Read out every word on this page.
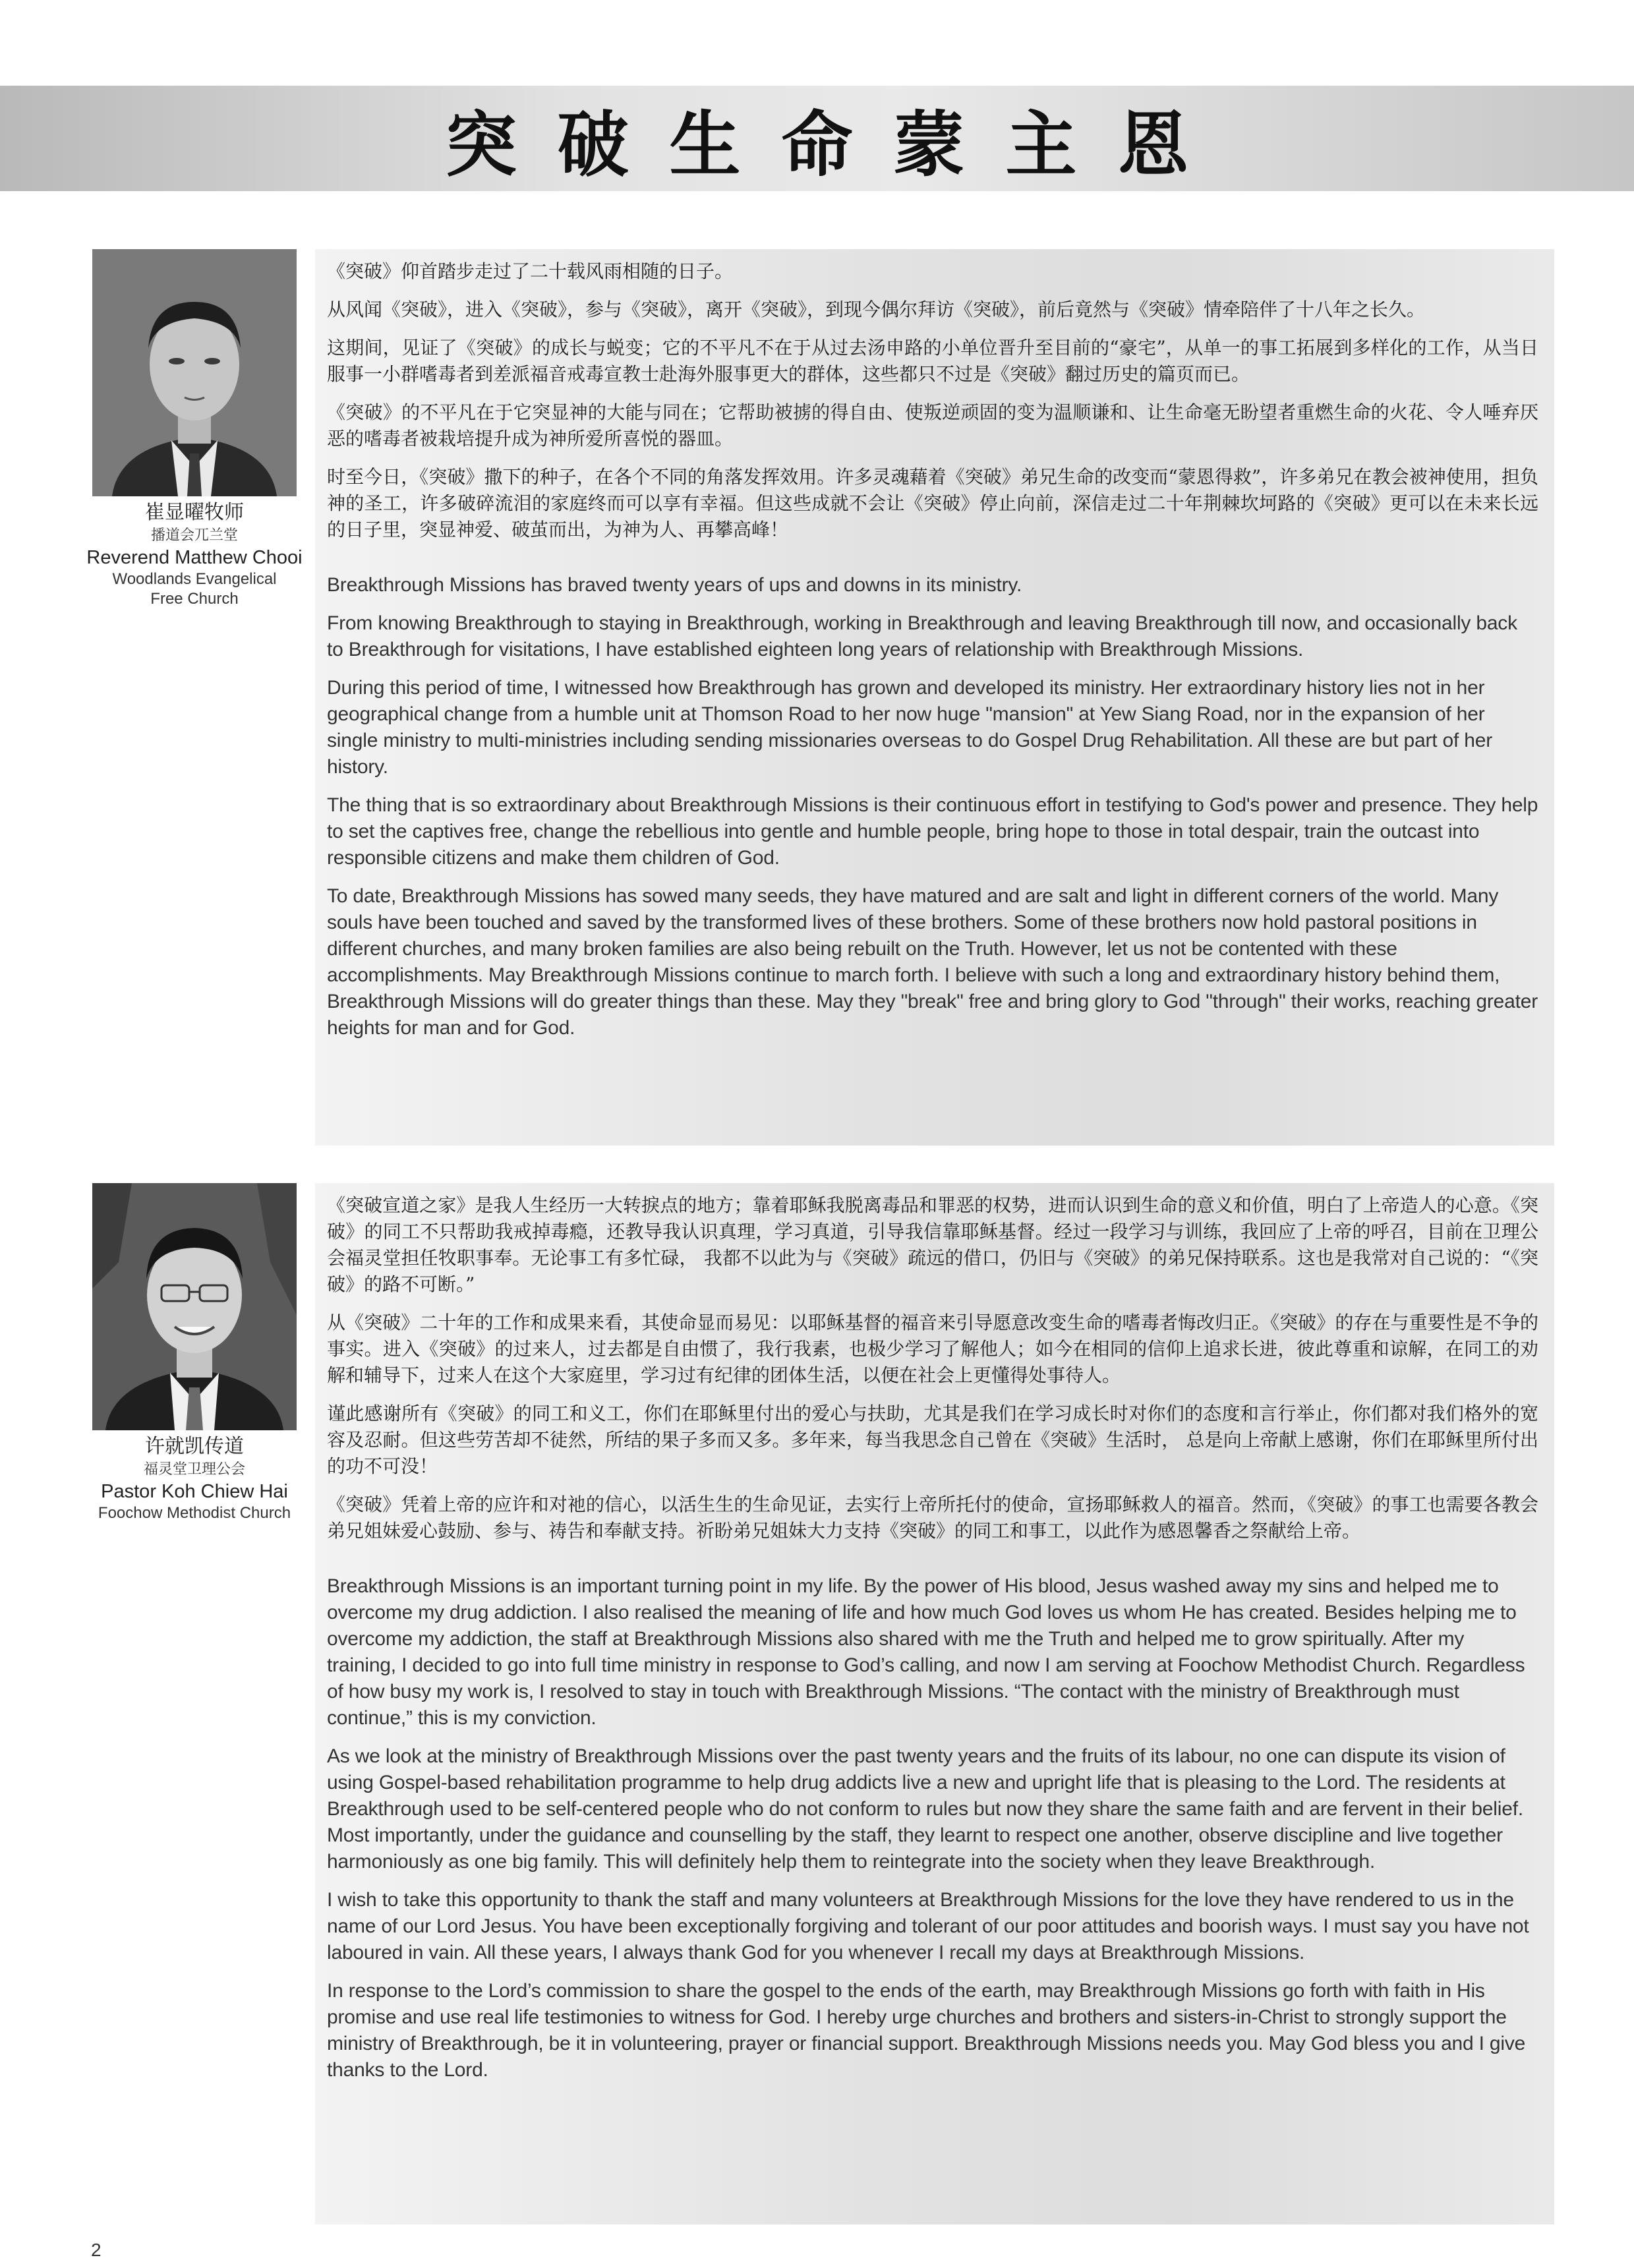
突破生命蒙主恩
崔显曜牧师
播道会兀兰堂
Reverend Matthew Chooi
Woodlands Evangelical
Free Church

《突破》仰首踏步走过了二十载风雨相随的日子。

从风闻《突破》，进入《突破》，参与《突破》，离开《突破》，到现今偶尔拜访《突破》，前后竟然与《突破》情牵陪伴了十八年之长久。

这期间，见证了《突破》的成长与蜕变；它的不平凡不在于从过去汤申路的小单位晋升至目前的“豪宅”，从单一的事工拓展到多样化的工作，从当日服事一小群嗜毒者到差派福音戒毒宣教士赴海外服事更大的群体，这些都只不过是《突破》翻过历史的篇页而已。

《突破》的不平凡在于它突显神的大能与同在；它帮助被掳的得自由、使叛逆顽固的变为温顺谦和、让生命毫无盼望者重燃生命的火花、令人唾弃厌恶的嗜毒者被栽培提升成为神所爱所喜悦的器皿。

时至今日，《突破》撒下的种子，在各个不同的角落发挥效用。许多灵魂藉着《突破》弟兄生命的改变而“蒙恩得救”，许多弟兄在教会被神使用，担负神的圣工，许多破碎流泪的家庭终而可以享有幸福。但这些成就不会让《突破》停止向前，深信走过二十年荆棘坎坷路的《突破》更可以在未来长远的日子里，突显神爱、破茧而出，为神为人、再攀高峰！

Breakthrough Missions has braved twenty years of ups and downs in its ministry.

From knowing Breakthrough to staying in Breakthrough, working in Breakthrough and leaving Breakthrough till now, and occasionally back to Breakthrough for visitations, I have established eighteen long years of relationship with Breakthrough Missions.

During this period of time, I witnessed how Breakthrough has grown and developed its ministry. Her extraordinary history lies not in her geographical change from a humble unit at Thomson Road to her now huge "mansion" at Yew Siang Road, nor in the expansion of her single ministry to multi-ministries including sending missionaries overseas to do Gospel Drug Rehabilitation. All these are but part of her history.

The thing that is so extraordinary about Breakthrough Missions is their continuous effort in testifying to God's power and presence. They help to set the captives free, change the rebellious into gentle and humble people, bring hope to those in total despair, train the outcast into responsible citizens and make them children of God.

To date, Breakthrough Missions has sowed many seeds, they have matured and are salt and light in different corners of the world. Many souls have been touched and saved by the transformed lives of these brothers. Some of these brothers now hold pastoral positions in different churches, and many broken families are also being rebuilt on the Truth. However, let us not be contented with these accomplishments. May Breakthrough Missions continue to march forth. I believe with such a long and extraordinary history behind them, Breakthrough Missions will do greater things than these. May they "break" free and bring glory to God "through" their works, reaching greater heights for man and for God.

许就凯传道
福灵堂卫理公会
Pastor Koh Chiew Hai
Foochow Methodist Church

《突破宣道之家》是我人生经历一大转捩点的地方；靠着耶稣我脱离毒品和罪恶的权势，进而认识到生命的意义和价值，明白了上帝造人的心意。《突破》的同工不只帮助我戒掉毒瘾，还教导我认识真理，学习真道，引导我信靠耶稣基督。经过一段学习与训练，我回应了上帝的呼召，目前在卫理公会福灵堂担任牧职事奉。无论事工有多忙碌， 我都不以此为与《突破》疏远的借口，仍旧与《突破》的弟兄保持联系。这也是我常对自己说的：“《突破》的路不可断。”

从《突破》二十年的工作和成果来看，其使命显而易见：以耶稣基督的福音来引导愿意改变生命的嗜毒者悔改归正。《突破》的存在与重要性是不争的事实。进入《突破》的过来人，过去都是自由惯了，我行我素，也极少学习了解他人；如今在相同的信仰上追求长进，彼此尊重和谅解，在同工的劝解和辅导下，过来人在这个大家庭里，学习过有纪律的团体生活，以便在社会上更懂得处事待人。

谨此感谢所有《突破》的同工和义工，你们在耶稣里付出的爱心与扶助，尤其是我们在学习成长时对你们的态度和言行举止，你们都对我们格外的宽容及忍耐。但这些劳苦却不徒然，所结的果子多而又多。多年来，每当我思念自己曾在《突破》生活时， 总是向上帝献上感谢，你们在耶稣里所付出的功不可没！

《突破》凭着上帝的应许和对祂的信心，以活生生的生命见证，去实行上帝所托付的使命，宣扬耶稣救人的福音。然而，《突破》的事工也需要各教会弟兄姐妹爱心鼓励、参与、祷告和奉献支持。祈盼弟兄姐妹大力支持《突破》的同工和事工，以此作为感恩馨香之祭献给上帝。

Breakthrough Missions is an important turning point in my life. By the power of His blood, Jesus washed away my sins and helped me to overcome my drug addiction. I also realised the meaning of life and how much God loves us whom He has created. Besides helping me to overcome my addiction, the staff at Breakthrough Missions also shared with me the Truth and helped me to grow spiritually. After my training, I decided to go into full time ministry in response to God’s calling, and now I am serving at Foochow Methodist Church. Regardless of how busy my work is, I resolved to stay in touch with Breakthrough Missions. “The contact with the ministry of Breakthrough must continue,” this is my conviction.

As we look at the ministry of Breakthrough Missions over the past twenty years and the fruits of its labour, no one can dispute its vision of using Gospel-based rehabilitation programme to help drug addicts live a new and upright life that is pleasing to the Lord. The residents at Breakthrough used to be self-centered people who do not conform to rules but now they share the same faith and are fervent in their belief. Most importantly, under the guidance and counselling by the staff, they learnt to respect one another, observe discipline and live together harmoniously as one big family. This will definitely help them to reintegrate into the society when they leave Breakthrough.

I wish to take this opportunity to thank the staff and many volunteers at Breakthrough Missions for the love they have rendered to us in the name of our Lord Jesus. You have been exceptionally forgiving and tolerant of our poor attitudes and boorish ways. I must say you have not laboured in vain. All these years, I always thank God for you whenever I recall my days at Breakthrough Missions.

In response to the Lord’s commission to share the gospel to the ends of the earth, may Breakthrough Missions go forth with faith in His promise and use real life testimonies to witness for God. I hereby urge churches and brothers and sisters-in-Christ to strongly support the ministry of Breakthrough, be it in volunteering, prayer or financial support. Breakthrough Missions needs you. May God bless you and I give thanks to the Lord.

2
